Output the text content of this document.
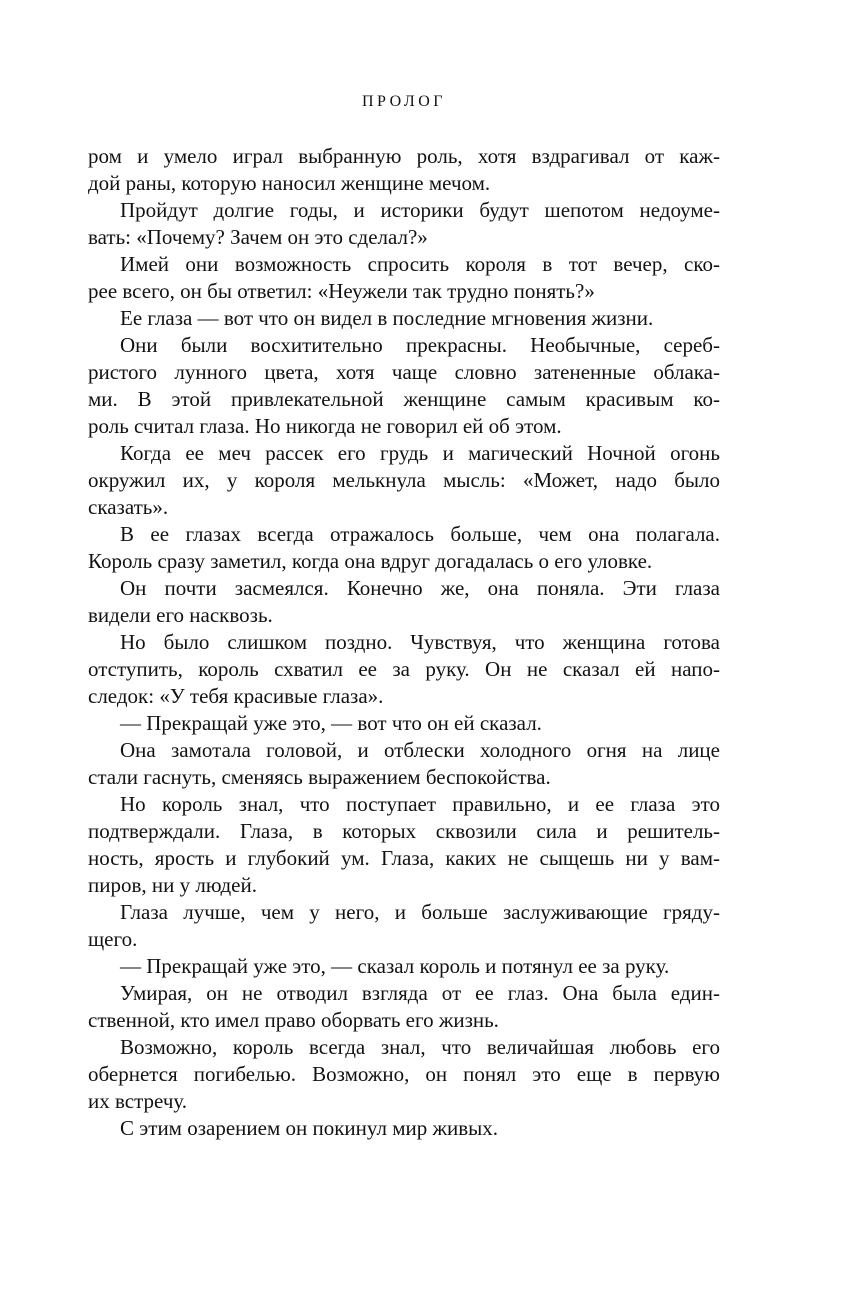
ПРОЛОГ

ром и умело играл выбранную роль, хотя вздрагивал от каж-
дой раны, которую наносил женщине мечом.

Пройдут долгие годы, и историки будут шепотом недоуме-
вать: «Почему? Зачем он это сделал?»

Имей они возможность спросить короля в тот вечер, ско-
рее всего, он бы ответил: «Неужели так трудно понять?»

Ее глаза — вот что он видел в последние мгновения жизни.

Они были восхитительно прекрасны. Необычные, сереб-
ристого лунного цвета, хотя чаще словно затененные облака-
ми. В этой привлекательной женщине самым красивым ко-
роль считал глаза. Но никогда не говорил ей об этом.

Когда ее меч рассек его грудь и магический Ночной огонь
окружил их, у короля мелькнула мысль: «Может, надо было
сказать».

В ее глазах всегда отражалось больше, чем она полагала.
Король сразу заметил, когда она вдруг догадалась о его уловке.

Он почти засмеялся. Конечно же, она поняла. Эти глаза
видели его насквозь.

Но было слишком поздно. Чувствуя, что женщина готова
отступить, король схватил ее за руку. Он не сказал ей напо-
следок: «У тебя красивые глаза».

— Прекращай уже это, — вот что он ей сказал.

Она замотала головой, и отблески холодного огня на лице
стали гаснуть, сменяясь выражением беспокойства.

Но король знал, что поступает правильно, и ее глаза это
подтверждали. Глаза, в которых сквозили сила и решитель-
ность, ярость и глубокий ум. Глаза, каких не сыщешь ни у вам-
пиров, ни у людей.

Глаза лучше, чем у него, и больше заслуживающие гряду-
щего.

— Прекращай уже это, — сказал король и потянул ее за руку.

Умирая, он не отводил взгляда от ее глаз. Она была един-
ственной, кто имел право оборвать его жизнь.

Возможно, король всегда знал, что величайшая любовь его
обернется погибелью. Возможно, он понял это еще в первую
их встречу.

С этим озарением он покинул мир живых.
